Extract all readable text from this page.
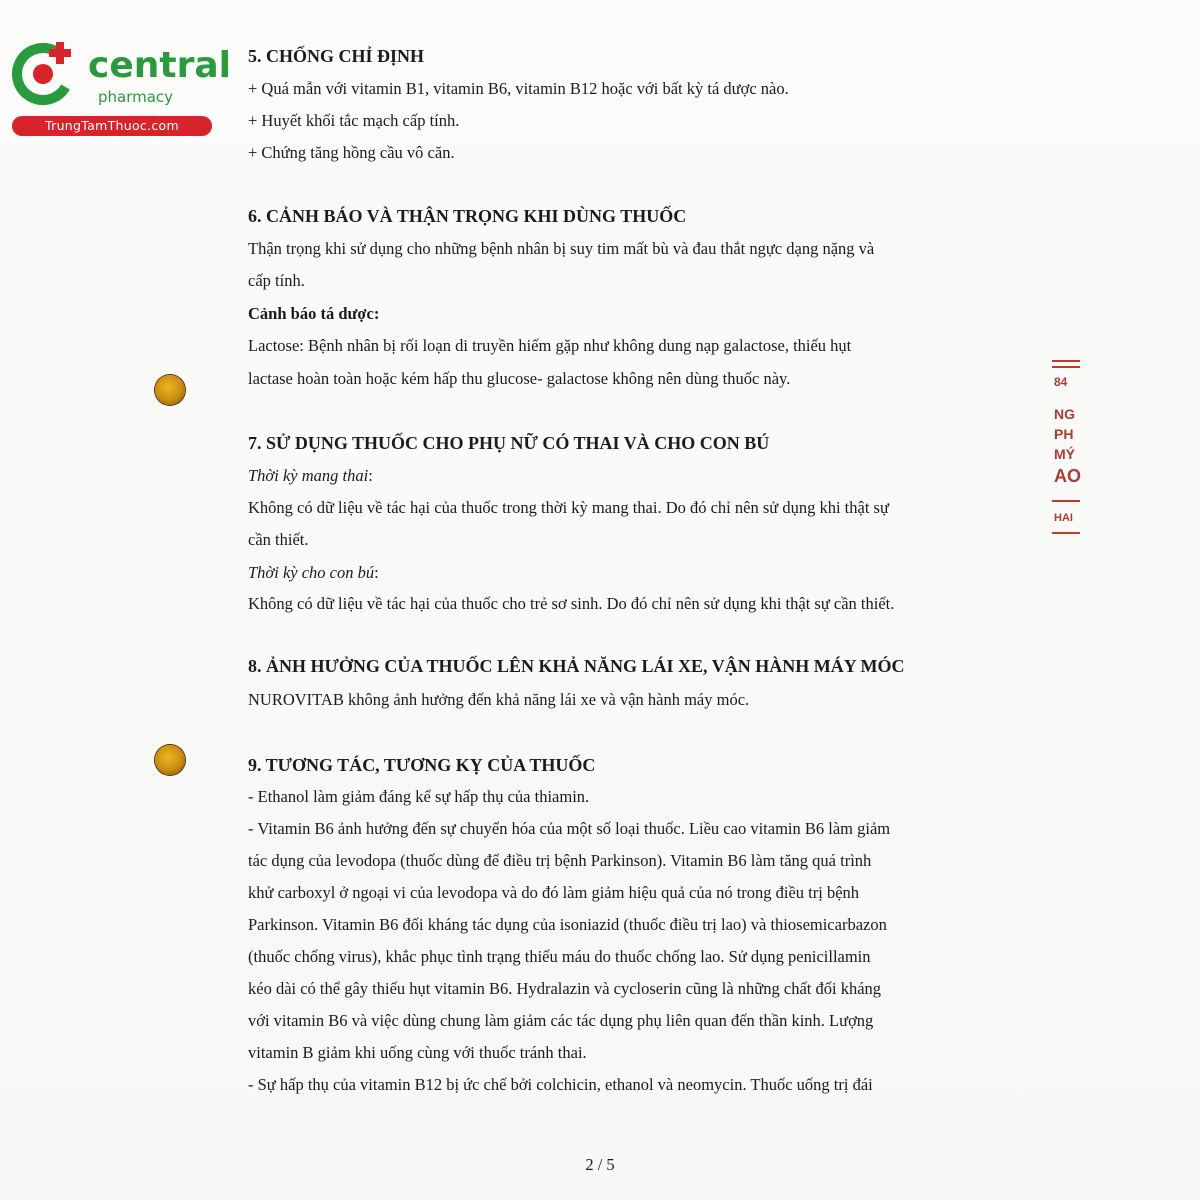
central
pharmacy
TrungTamThuoc.com
84
NG
PH
MÝ
AO
HAI
5. CHỐNG CHỈ ĐỊNH
+ Quá mẫn với vitamin B1, vitamin B6, vitamin B12 hoặc với bất kỳ tá dược nào.
+ Huyết khối tắc mạch cấp tính.
+ Chứng tăng hồng cầu vô căn.
6. CẢNH BÁO VÀ THẬN TRỌNG KHI DÙNG THUỐC
Thận trọng khi sử dụng cho những bệnh nhân bị suy tim mất bù và đau thắt ngực dạng nặng và
cấp tính.
Cảnh báo tá dược:
Lactose: Bệnh nhân bị rối loạn di truyền hiếm gặp như không dung nạp galactose, thiếu hụt
lactase hoàn toàn hoặc kém hấp thu glucose- galactose không nên dùng thuốc này.
7. SỬ DỤNG THUỐC CHO PHỤ NỮ CÓ THAI VÀ CHO CON BÚ
Thời kỳ mang thai:
Không có dữ liệu về tác hại của thuốc trong thời kỳ mang thai. Do đó chỉ nên sử dụng khi thật sự
cần thiết.
Thời kỳ cho con bú:
Không có dữ liệu về tác hại của thuốc cho trẻ sơ sinh. Do đó chỉ nên sử dụng khi thật sự cần thiết.
8. ẢNH HƯỞNG CỦA THUỐC LÊN KHẢ NĂNG LÁI XE, VẬN HÀNH MÁY MÓC
NUROVITAB không ảnh hưởng đến khả năng lái xe và vận hành máy móc.
9. TƯƠNG TÁC, TƯƠNG KỴ CỦA THUỐC
- Ethanol làm giảm đáng kể sự hấp thụ của thiamin.
- Vitamin B6 ảnh hưởng đến sự chuyển hóa của một số loại thuốc. Liều cao vitamin B6 làm giảm
tác dụng của levodopa (thuốc dùng để điều trị bệnh Parkinson). Vitamin B6 làm tăng quá trình
khử carboxyl ở ngoại vi của levodopa và do đó làm giảm hiệu quả của nó trong điều trị bệnh
Parkinson. Vitamin B6 đối kháng tác dụng của isoniazid (thuốc điều trị lao) và thiosemicarbazon
(thuốc chống virus), khắc phục tình trạng thiếu máu do thuốc chống lao. Sử dụng penicillamin
kéo dài có thể gây thiếu hụt vitamin B6. Hydralazin và cycloserin cũng là những chất đối kháng
với vitamin B6 và việc dùng chung làm giảm các tác dụng phụ liên quan đến thần kinh. Lượng
vitamin B giảm khi uống cùng với thuốc tránh thai.
- Sự hấp thụ của vitamin B12 bị ức chế bởi colchicin, ethanol và neomycin. Thuốc uống trị đái
2 / 5
